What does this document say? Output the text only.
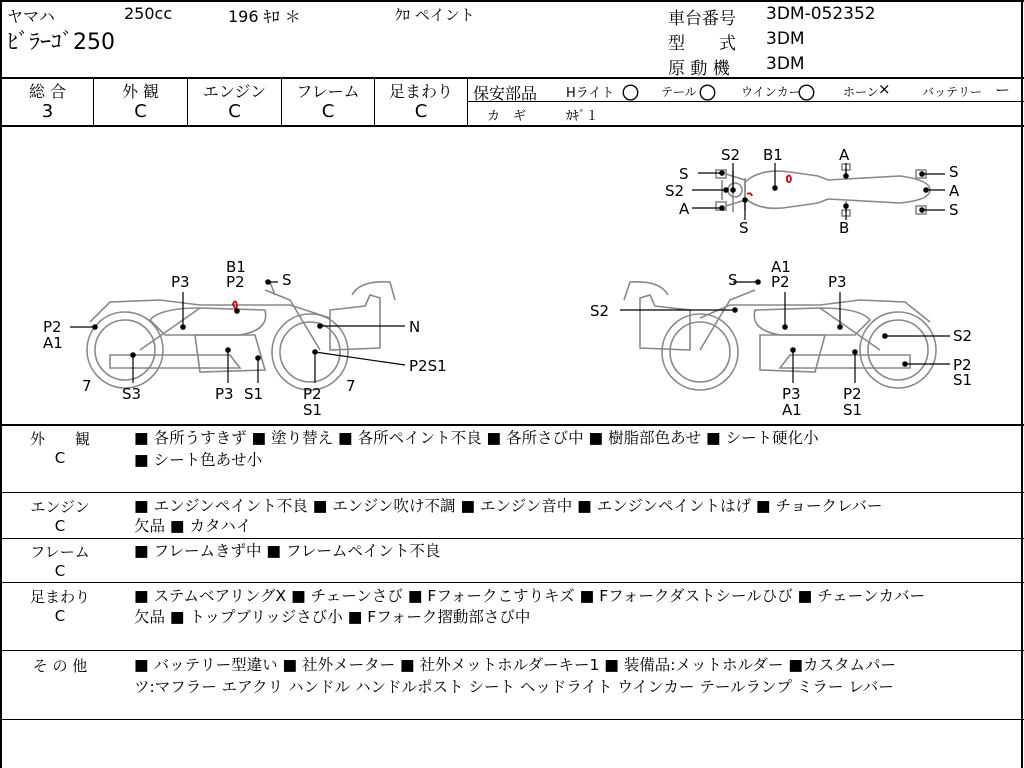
ヤマハ	250cc	196 ｷﾛ ＊	ｸﾛ ペイント
ﾋﾞﾗｰｺﾞ250
車台番号 3DM-052352
型　　式 3DM
原 動 機 3DM
総 合
3
外 観
C
エンジン
C
フレーム
C
足まわり
C
保安部品 Hライト 〇 テール 〇 ウインカー
〇 ホーン ×	バッテリー ー
カ　ギ	ｶｷﾞ１
S2 B1	A
S
S
S2	A
S
A
S	B
B1
P2 S
P3
P2
A1
N
P2S1
7 S3	P3 S1	P2
S1
7
S
A1
P2	P3
S2
S2
P2
S1
P3
A1
P2
S1
外　　観
C
■ 各所うすきず ■ 塗り替え ■ 各所ペイント不良 ■ 各所さび中 ■ 樹脂部色あせ ■ シート硬化小
■ シート色あせ小
エンジン
C
■ エンジンペイント不良 ■ エンジン吹け不調 ■ エンジン音中 ■ エンジンペイントはげ ■ チョークレバー
欠品 ■ カタハイ
フレーム
C
■ フレームきず中 ■ フレームペイント不良
足まわり
C
■ ステムベアリングX ■ チェーンさび ■ Fフォークこすりキズ ■ Fフォークダストシールひび ■ チェーンカバー
欠品 ■ トップブリッジさび小 ■ Fフォーク摺動部さび中
そ の 他	■ バッテリー型違い ■ 社外メーター ■ 社外メットホルダーキー1 ■ 装備品:メットホルダー ■カスタムパー
ツ:マフラー エアクリ ハンドル ハンドルポスト シート ヘッドライト ウインカー テールランプ ミラー レバー
